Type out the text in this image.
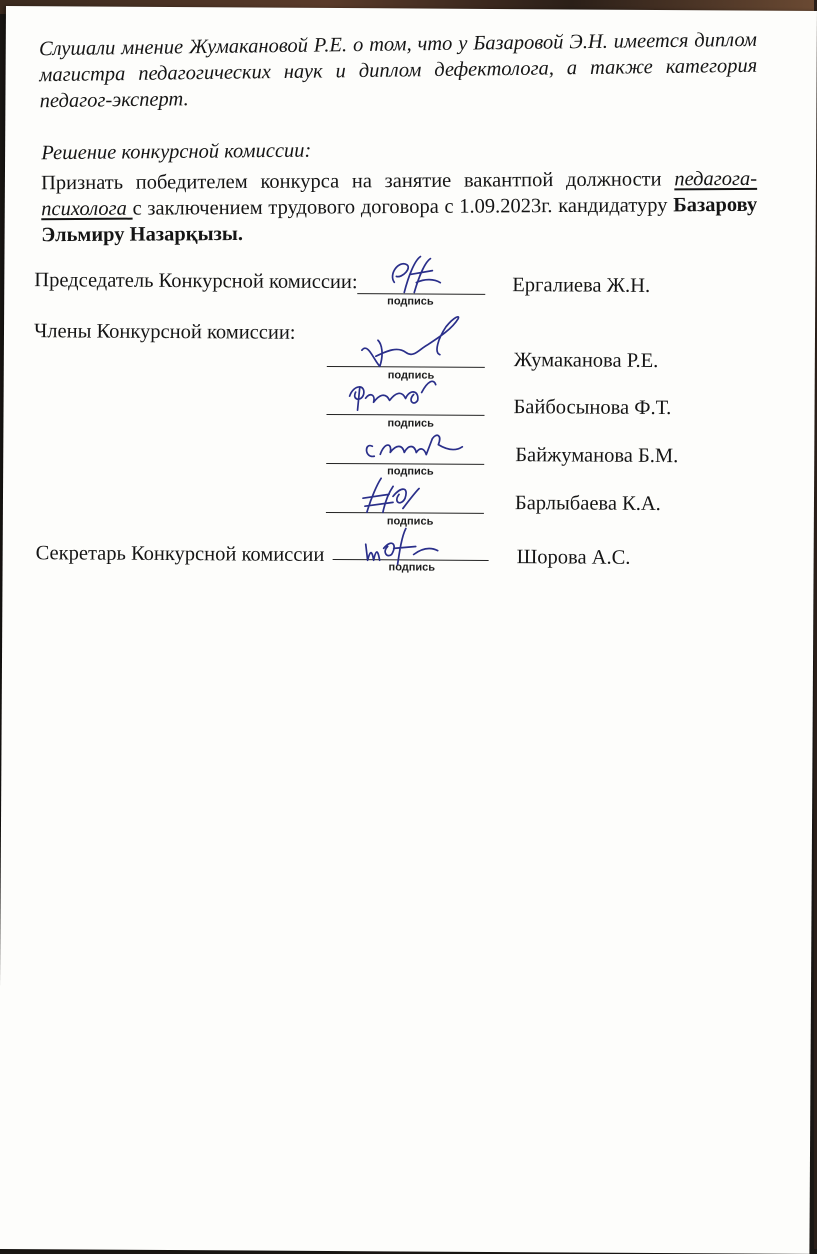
Слушали мнение Жумакановой Р.Е. о том, что у Базаровой Э.Н. имеется диплом
магистра педагогических наук и диплом дефектолога, а также категория
педагог-эксперт.
Решение конкурсной комиссии:
Признать победителем конкурса на занятие вакантпой должности педагога-
психолога с заключением трудового договора с 1.09.2023г. кандидатуру Базарову
Эльмиру Назарқызы.
Председатель Конкурсной комиссии:
подпись
Ергалиева Ж.Н.
Члены Конкурсной комиссии:
подпись
Жумаканова Р.Е.
подпись
Байбосынова Ф.Т.
подпись
Байжуманова Б.М.
подпись
Барлыбаева К.А.
Секретарь Конкурсной комиссии
подпись	Шорова А.С.
